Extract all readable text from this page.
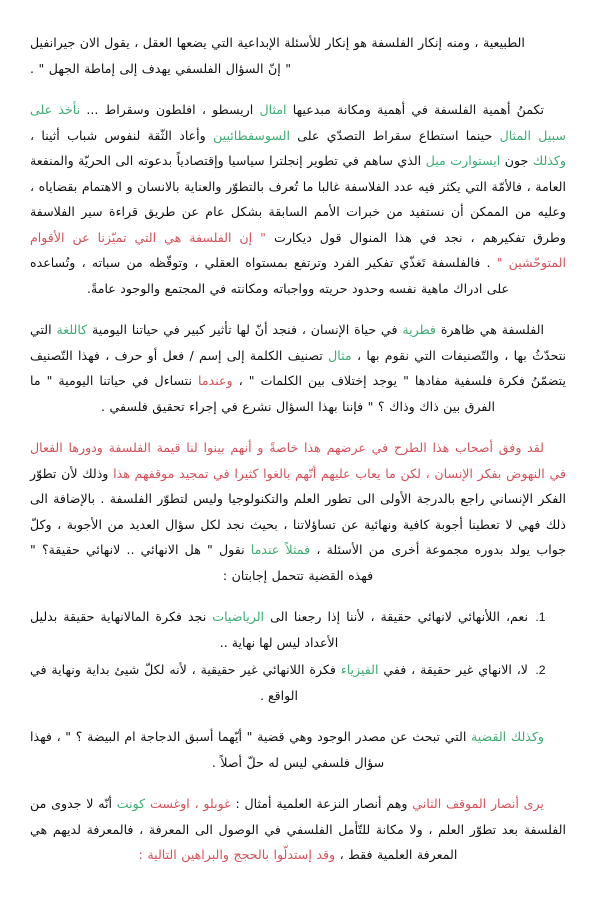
الطبيعية ، ومنه إنكار الفلسفة هو إنكار للأسئلة الإبداعية التي يضعها العقل ، يقول الان جيرانفيل
" إنّ السؤال الفلسفي يهدف إلى إماطة الجهل " .

تكمنُ أهمية الفلسفة في أهمية ومكانة مبدعيها امثال اريسطو ، افلطون وسقراط ... نأخذ على سبيل المثال حينما استطاع سقراط التصدّي على السوسفطائيين وأعاد الثّقة لنفوس شباب أثينا ، وكذلك جون ايستوارت ميل الذي ساهم في تطوير إنجلترا سياسيا وإقتصادياً بدعوته الى الحريّة والمنفعة العامة ، فالأمّة التي يكثر فيه عدد الفلاسفة غالبا ما تُعرف بالتطوّر والعناية بالانسان و الاهتمام بقضاياه ، وعليه من الممكن أن نستفيد من خبرات الأمم السابقة بشكل عام عن طريق قراءة سير الفلاسفة وطرق تفكيرهم ، نجد في هذا المنوال قول ديكارت " إن الفلسفة هي التي تميّزنا عن الأقوام المتوحّشين " . فالفلسفة تَغذّي تفكير الفرد وترتفع بمستواه العقلي ، وتوقّظه من سباته ، وتُساعده على ادراك ماهية نفسه وحدود حريته وواجباته ومكانته في المجتمع والوجود عامةً.

الفلسفة هي ظاهرة فطرية في حياة الإنسان ، فنجد أنّ لها تأثير كبير في حياتنا اليومية كاللغة التي نتحدّثُ بها ، والتّصنيفات التي نقوم بها ، مثال تصنيف الكلمة إلى إسم / فعل أو حرف ، فهذا التّصنيف يتضمّنُ فكرة فلسفية مفادها " يوجد إختلاف بين الكلمات " ، وعندما نتساءل في حياتنا اليومية " ما الفرق بين ذاك وذاك ؟ " فإننا بهذا السؤال نشرع في إجراء تحقيق فلسفي .

لقد وفق أصحاب هذا الطرح في عرضهم هذا خاصةً و أنهم بينوا لنا قيمة الفلسفة ودورها الفعال في النهوض بفكر الإنسان ، لكن ما يعاب عليهم أنّهم بالغوا كثيرا في تمجيد موقفهم هذا وذلك لأن تطوّر الفكر الإنساني راجع بالدرجة الأولى الى تطور العلم والتكنولوجيا وليس لتطوّر الفلسفة . بالإضافة الى ذلك فهي لا تعطينا أجوبة كافية ونهائية عن تساؤلاتنا ، بحيث نجد لكل سؤال العديد من الأجوبة ، وكلّ جواب يولد بدوره مجموعة أخرى من الأسئلة ، فمثلاً عندما نقول " هل الانهائي .. لانهائي حقيقة؟ " فهذه القضية تتحمل إجابتان :

1. نعم، اللأنهائي لانهائي حقيقة ، لأننا إذا رجعنا الى الرياضيات نجد فكرة المالانهاية حقيقة بدليل الأعداد ليس لها نهاية ..
2. لا، الانهاي غير حقيقة ، ففي الفيزياء فكرة اللانهائي غير حقيقية ، لأنه لكلّ شيئ بداية ونهاية في الواقع .

وكذلك القضية التي تبحث عن مصدر الوجود وهي قضية " أيّهما أسبق الدجاجة ام البيضة ؟ " ، فهذا سؤال فلسفي ليس له حلّ أصلاً .

يرى أنصار الموقف الثاني وهم أنصار النزعة العلمية أمثال : غوبلو ، اوغست كونت أنّه لا جدوى من الفلسفة بعد تطوّر العلم ، ولا مكانة للتّأمل الفلسفي في الوصول الى المعرفة ، فالمعرفة لديهم هي المعرفة العلمية فقط ، وقد إستدلّوا بالحجج والبراهين التالية :
